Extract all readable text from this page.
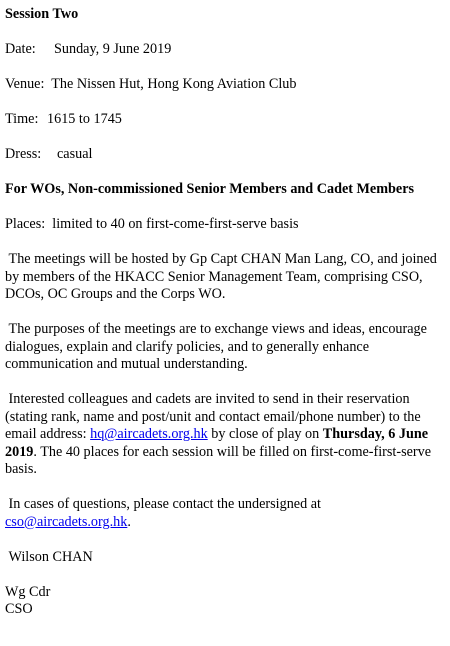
Session Two

Date: Sunday, 9 June 2019

Venue: The Nissen Hut, Hong Kong Aviation Club

Time: 1615 to 1745

Dress: casual

For WOs, Non-commissioned Senior Members and Cadet Members

Places: limited to 40 on first-come-first-serve basis

The meetings will be hosted by Gp Capt CHAN Man Lang, CO, and joined by members of the HKACC Senior Management Team, comprising CSO, DCOs, OC Groups and the Corps WO.

The purposes of the meetings are to exchange views and ideas, encourage dialogues, explain and clarify policies, and to generally enhance communication and mutual understanding.

Interested colleagues and cadets are invited to send in their reservation (stating rank, name and post/unit and contact email/phone number) to the email address: hq@aircadets.org.hk by close of play on Thursday, 6 June 2019. The 40 places for each session will be filled on first-come-first-serve basis.

In cases of questions, please contact the undersigned at cso@aircadets.org.hk.

Wilson CHAN

Wg Cdr

CSO
